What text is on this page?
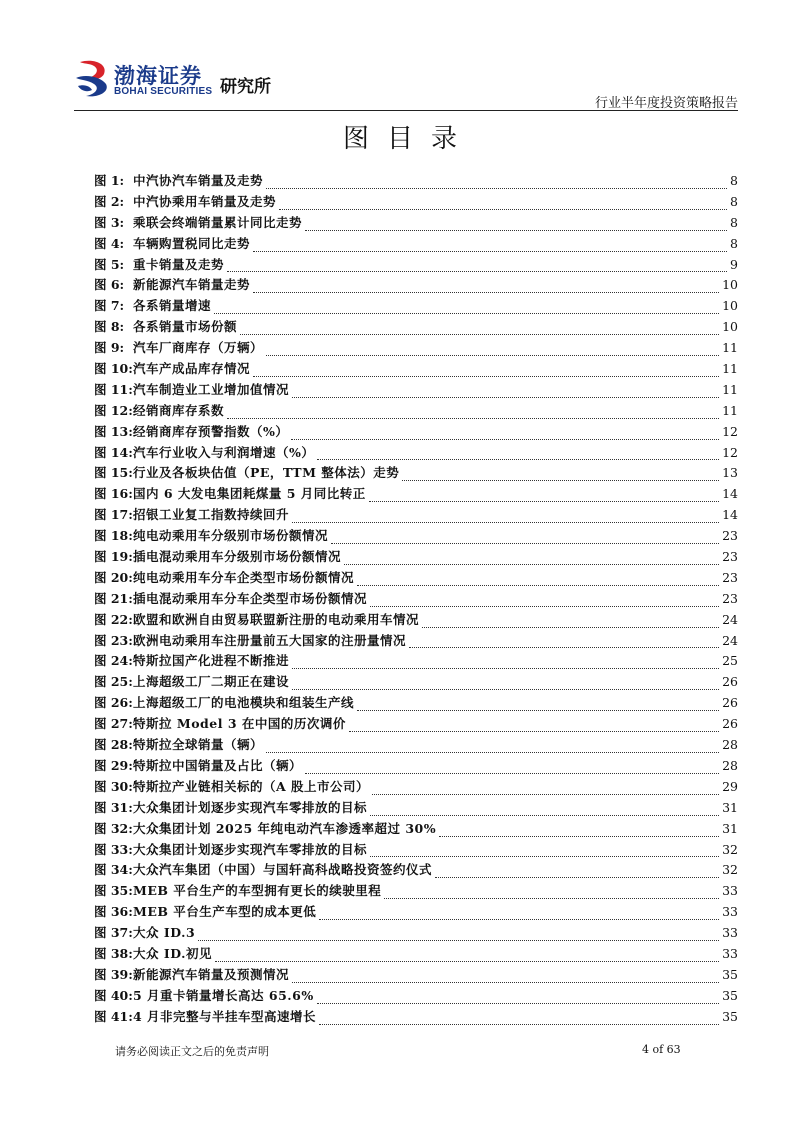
渤海证券
BOHAI SECURITIES 研究所
行业半年度投资策略报告
图目录
图 1: 中汽协汽车销量及走势	8
图 2: 中汽协乘用车销量及走势	8
图 3: 乘联会终端销量累计同比走势	8
图 4: 车辆购置税同比走势	8
图 5: 重卡销量及走势	9
图 6: 新能源汽车销量走势	10
图 7: 各系销量增速	10
图 8: 各系销量市场份额	10
图 9: 汽车厂商库存（万辆）	11
图 10: 汽车产成品库存情况	11
图 11: 汽车制造业工业增加值情况	11
图 12: 经销商库存系数	11
图 13: 经销商库存预警指数（%）	12
图 14: 汽车行业收入与利润增速（%）	12
图 15: 行业及各板块估值（PE，TTM 整体法）走势	13
图 16: 国内 6 大发电集团耗煤量 5 月同比转正	14
图 17: 招银工业复工指数持续回升	14
图 18: 纯电动乘用车分级别市场份额情况	23
图 19: 插电混动乘用车分级别市场份额情况	23
图 20: 纯电动乘用车分车企类型市场份额情况	23
图 21: 插电混动乘用车分车企类型市场份额情况	23
图 22: 欧盟和欧洲自由贸易联盟新注册的电动乘用车情况	24
图 23: 欧洲电动乘用车注册量前五大国家的注册量情况	24
图 24: 特斯拉国产化进程不断推进	25
图 25: 上海超级工厂二期正在建设	26
图 26: 上海超级工厂的电池模块和组装生产线	26
图 27: 特斯拉 Model 3 在中国的历次调价	26
图 28: 特斯拉全球销量（辆）	28
图 29: 特斯拉中国销量及占比（辆）	28
图 30: 特斯拉产业链相关标的（A 股上市公司）	29
图 31: 大众集团计划逐步实现汽车零排放的目标	31
图 32: 大众集团计划 2025 年纯电动汽车渗透率超过 30%	31
图 33: 大众集团计划逐步实现汽车零排放的目标	32
图 34: 大众汽车集团（中国）与国轩高科战略投资签约仪式	32
图 35: MEB 平台生产的车型拥有更长的续驶里程	33
图 36: MEB 平台生产车型的成本更低	33
图 37: 大众 ID.3	33
图 38: 大众 ID.初见	33
图 39: 新能源汽车销量及预测情况	35
图 40: 5 月重卡销量增长高达 65.6%	35
图 41: 4 月非完整与半挂车型高速增长	35
请务必阅读正文之后的免责声明	4 of 63
